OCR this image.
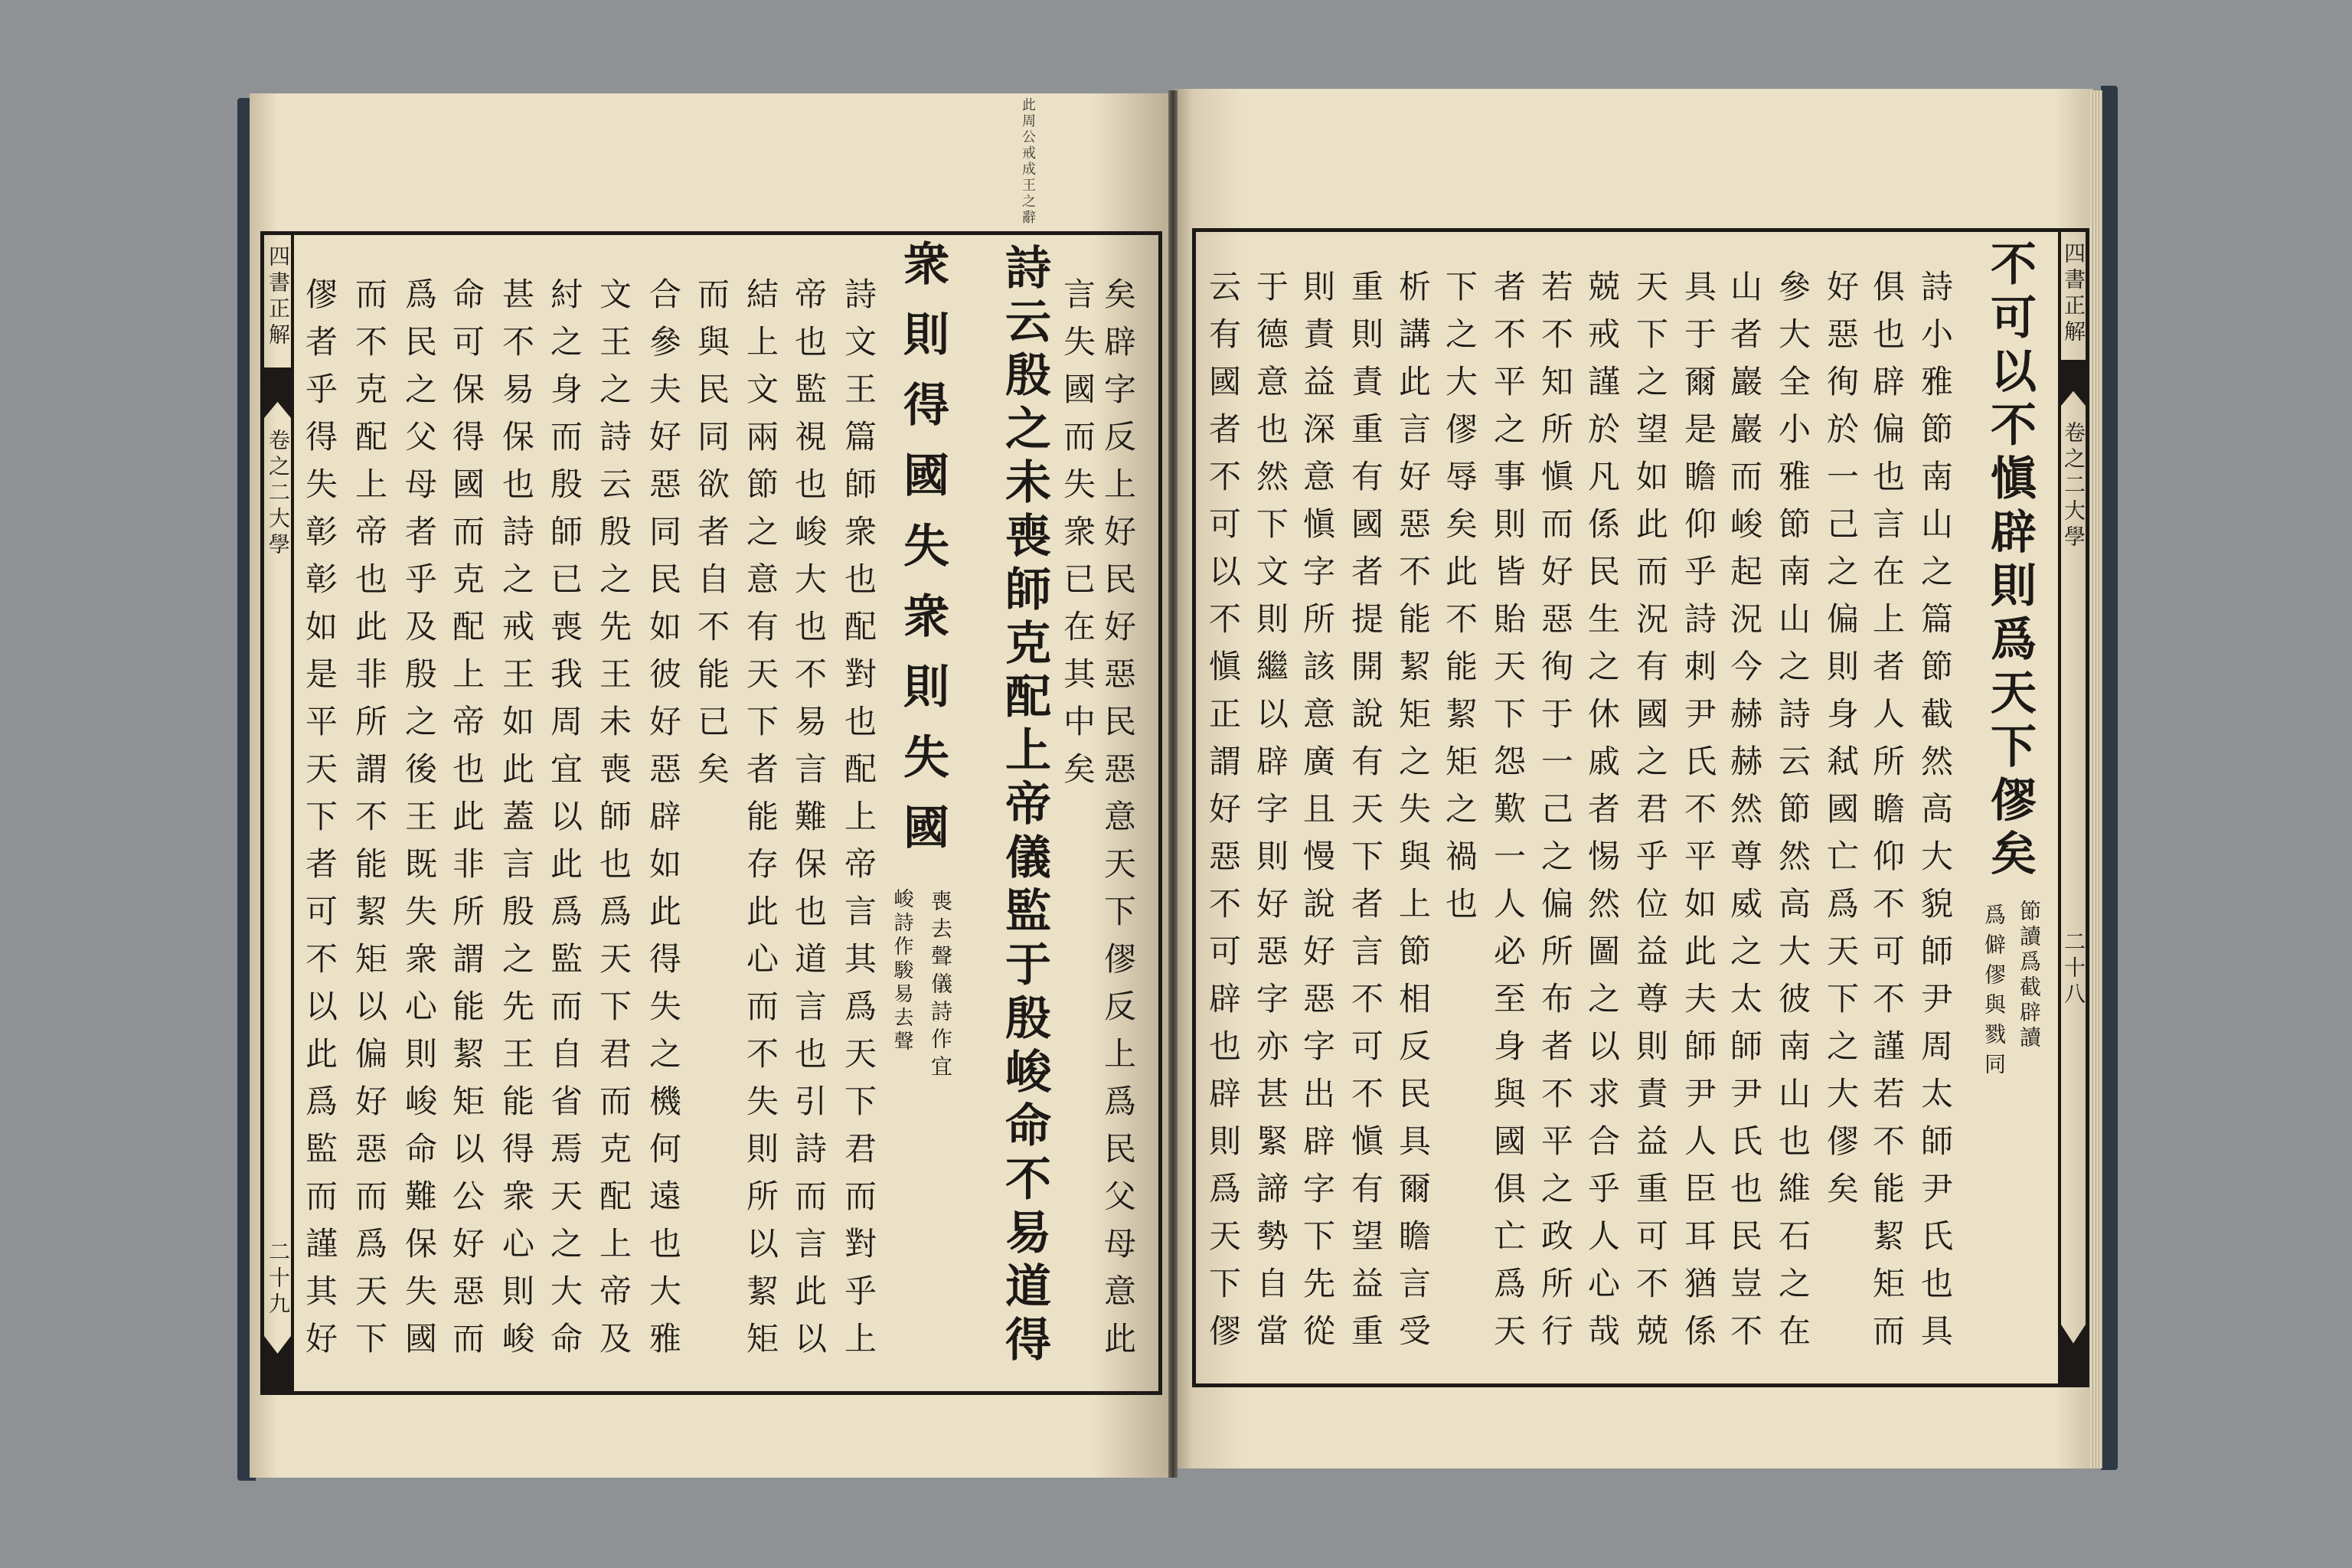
此周公戒成王之辭
四書正解
卷之二大學
二十九	矣辟字反上好民好惡民惡意天下僇反上爲民父母意此
言失國而失衆已在其中矣
詩云殷之未喪師克配上帝儀監于殷峻命不易道得
衆則得國失衆則失國
喪去聲儀詩作宜
峻詩作駿易去聲
詩文王篇師衆也配對也配上帝言其爲天下君而對乎上
帝也監視也峻大也不易言難保也道言也引詩而言此以
結上文兩節之意有天下者能存此心而不失則所以絜矩
而與民同欲者自不能已矣
合參夫好惡同民如彼好惡辟如此得失之機何遠也大雅
文王之詩云殷之先王未喪師也爲天下君而克配上帝及
紂之身而殷師已喪我周宜以此爲監而自省焉天之大命
甚不易保也詩之戒王如此蓋言殷之先王能得衆心則峻
命可保得國而克配上帝也此非所謂能絜矩以公好惡而
爲民之父母者乎及殷之後王既失衆心則峻命難保失國
而不克配上帝也此非所謂不能絜矩以偏好惡而爲天下
僇者乎得失彰彰如是平天下者可不以此爲監而謹其好	四書正解
卷之二大學
二十八
不可以不愼辟則爲天下僇矣
節讀爲截辟讀
爲僻僇與戮同
詩小雅節南山之篇節截然高大貌師尹周太師尹氏也具
俱也辟偏也言在上者人所瞻仰不可不謹若不能絜矩而
好惡徇於一己之偏則身弒國亡爲天下之大僇矣
參大全小雅節南山之詩云節然高大彼南山也維石之在
山者巖巖而峻起況今赫赫然尊威之太師尹氏也民豈不
具于爾是瞻仰乎詩刺尹氏不平如此夫師尹人臣耳猶係
天下之望如此而況有國之君乎位益尊則責益重可不兢
兢戒謹於凡係民生之休戚者惕然圖之以求合乎人心哉
若不知所愼而好惡徇于一己之偏所布者不平之政所行
者不平之事則皆貽天下怨歎一人必至身與國俱亡爲天
下之大僇辱矣此不能絜矩之禍也
析講此言好惡不能絜矩之失與上節相反民具爾瞻言受
重則責重有國者提開說有天下者言不可不愼有望益重
則責益深意愼字所該意廣且慢說好惡字出辟字下先從
于德意也然下文則繼以辟字則好惡字亦甚緊諦勢自當
云有國者不可以不愼正謂好惡不可辟也辟則爲天下僇
